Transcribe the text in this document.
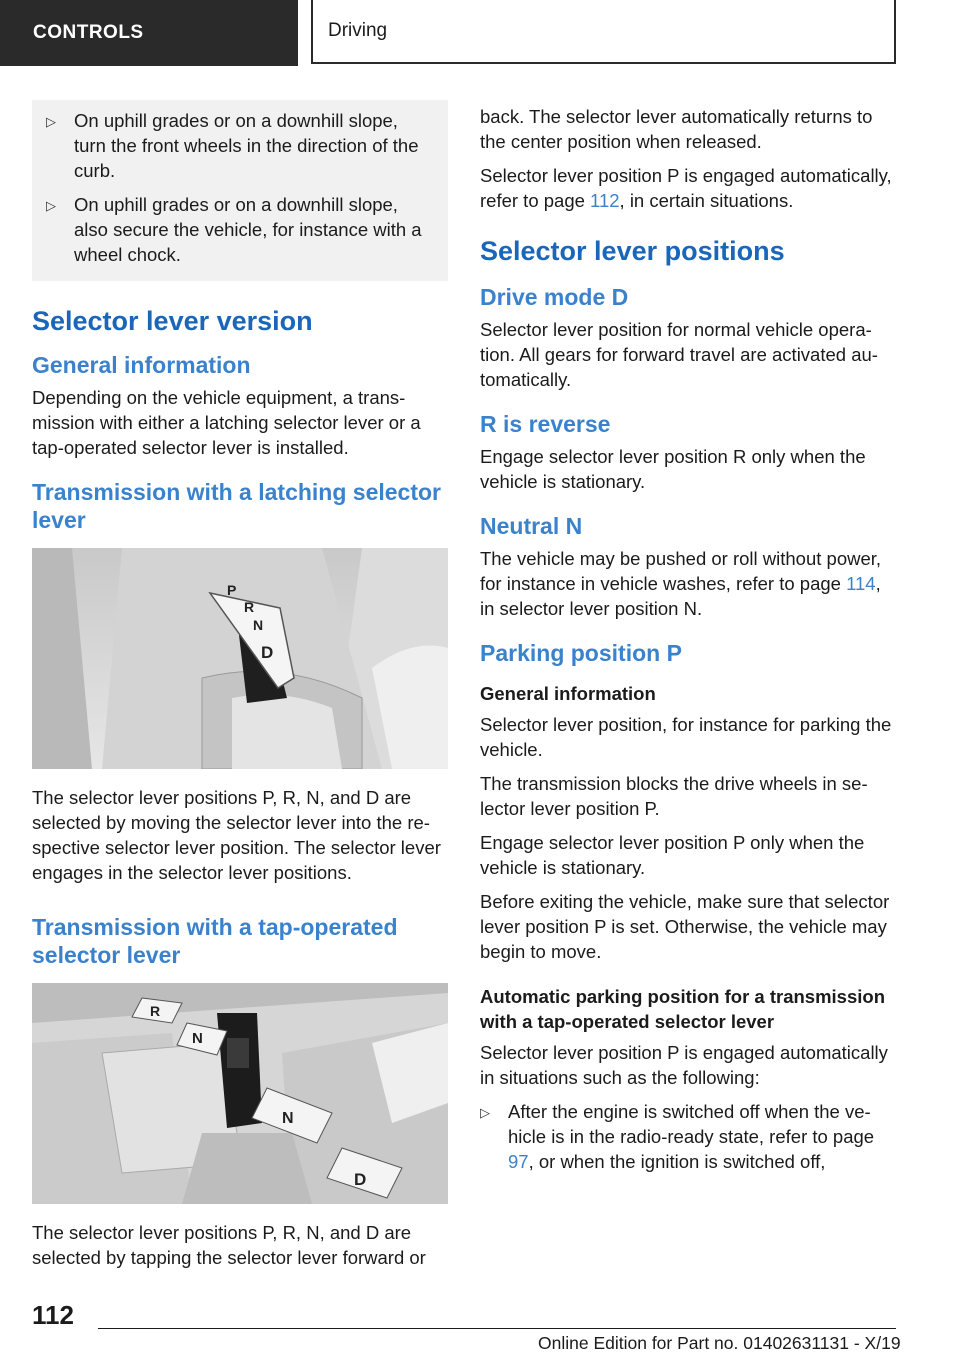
CONTROLS	Driving
▷ On uphill grades or on a downhill slope, turn the front wheels in the direction of the curb.
▷ On uphill grades or on a downhill slope, also secure the vehicle, for instance with a wheel chock.
Selector lever version
General information

Depending on the vehicle equipment, a transmission with either a latching selector lever or a tap-operated selector lever is installed.

Transmission with a latching selector lever
P
R
N
D

The selector lever positions P, R, N, and D are selected by moving the selector lever into the respective selector lever position. The selector lever engages in the selector lever positions.

Transmission with a tap-operated selector lever
R
N
N
D

The selector lever positions P, R, N, and D are selected by tapping the selector lever forward or

back. The selector lever automatically returns to the center position when released.

Selector lever position P is engaged automatically, refer to page 112, in certain situations.

Selector lever positions
Drive mode D

Selector lever position for normal vehicle operation. All gears for forward travel are activated automatically.

R is reverse

Engage selector lever position R only when the vehicle is stationary.

Neutral N

The vehicle may be pushed or roll without power, for instance in vehicle washes, refer to page 114, in selector lever position N.

Parking position P
General information

Selector lever position, for instance for parking the vehicle.

The transmission blocks the drive wheels in selector lever position P.

Engage selector lever position P only when the vehicle is stationary.

Before exiting the vehicle, make sure that selector lever position P is set. Otherwise, the vehicle may begin to move.

Automatic parking position for a transmission with a tap-operated selector lever

Selector lever position P is engaged automatically in situations such as the following:

▷ After the engine is switched off when the vehicle is in the radio-ready state, refer to page 97, or when the ignition is switched off,
112
Online Edition for Part no. 01402631131 - X/19
